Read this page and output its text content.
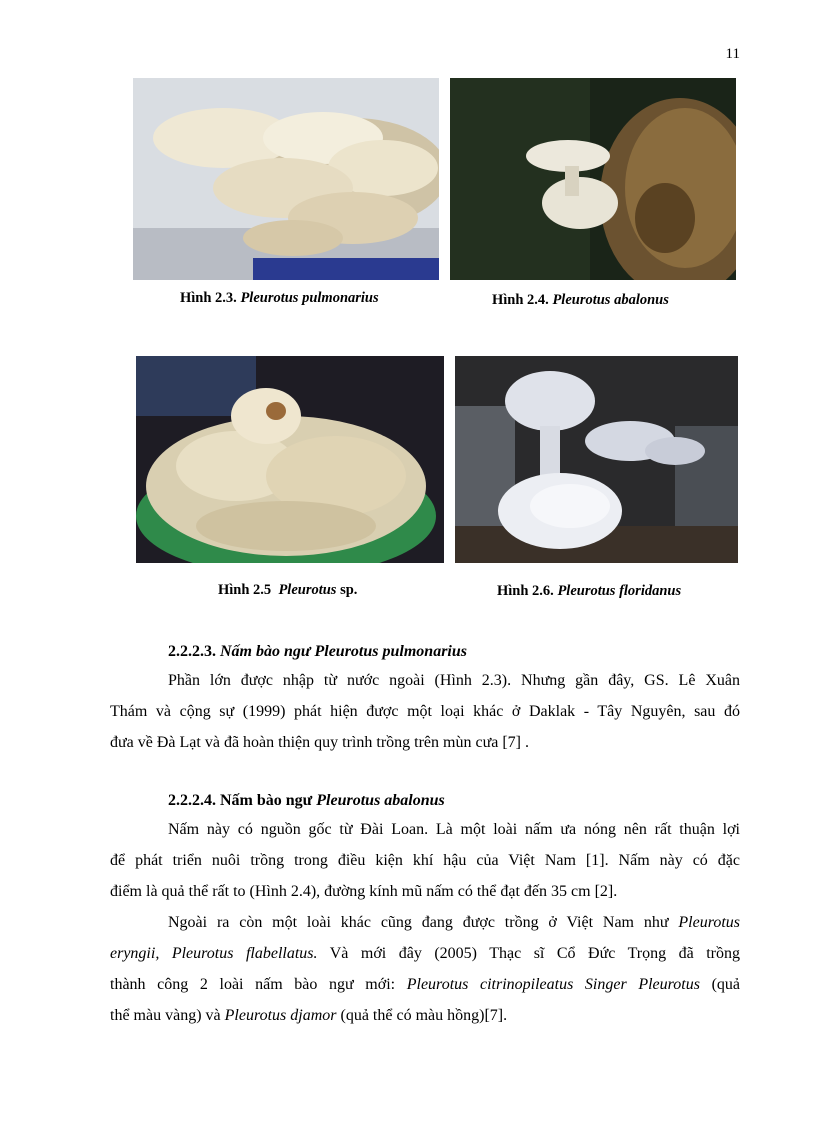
11
Hình 2.3. Pleurotus pulmonarius	Hình 2.4. Pleurotus abalonus
Hình 2.5 Pleurotus sp.	Hình 2.6. Pleurotus floridanus
2.2.2.3. Nấm bào ngư Pleurotus pulmonarius
Phần lớn được nhập từ nước ngoài (Hình 2.3). Nhưng gần đây, GS. Lê Xuân
Thám và cộng sự (1999) phát hiện được một loại khác ở Daklak - Tây Nguyên, sau đó
đưa về Đà Lạt và đã hoàn thiện quy trình trồng trên mùn cưa [7] .
2.2.2.4. Nấm bào ngư Pleurotus abalonus
Nấm này có nguồn gốc từ Đài Loan. Là một loài nấm ưa nóng nên rất thuận lợi
để phát triển nuôi trồng trong điều kiện khí hậu của Việt Nam [1]. Nấm này có đặc
điểm là quả thể rất to (Hình 2.4), đường kính mũ nấm có thể đạt đến 35 cm [2].
Ngoài ra còn một loài khác cũng đang được trồng ở Việt Nam như Pleurotus
eryngii, Pleurotus flabellatus. Và mới đây (2005) Thạc sĩ Cổ Đức Trọng đã trồng
thành công 2 loài nấm bào ngư mới: Pleurotus citrinopileatus Singer Pleurotus (quả
thể màu vàng) và Pleurotus djamor (quả thể có màu hồng)[7].
